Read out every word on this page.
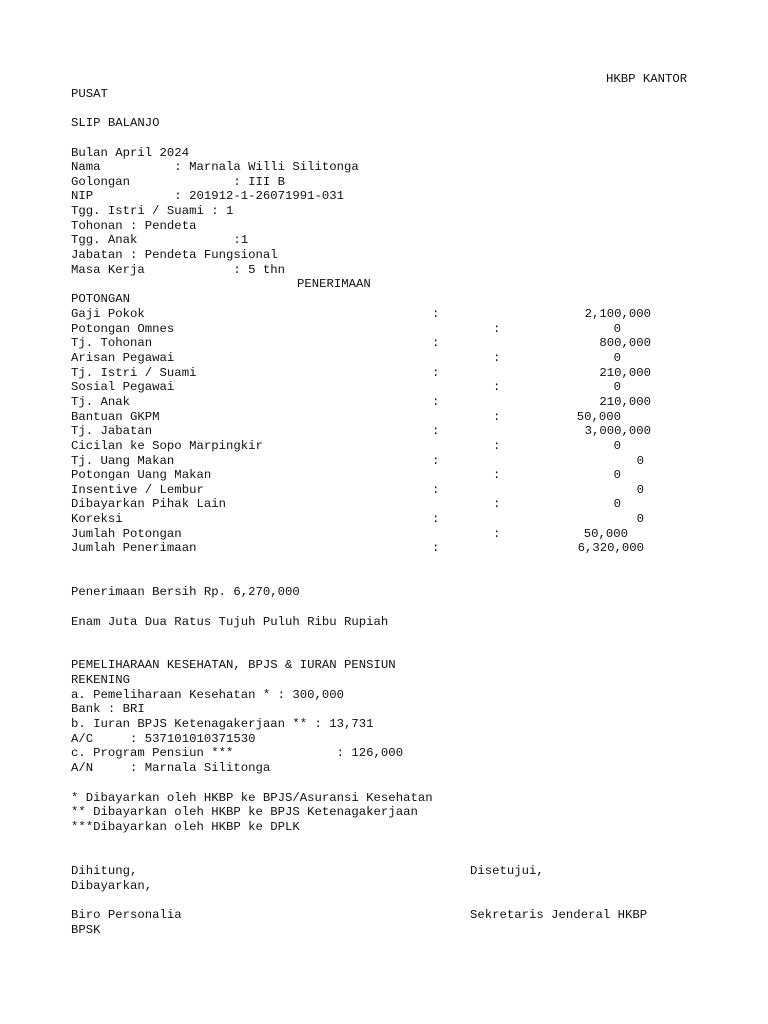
HKBP KANTOR
PUSAT
SLIP BALANJO
Bulan April 2024
Nama          : Marnala Willi Silitonga
Golongan              : III B
NIP           : 201912-1-26071991-031
Tgg. Istri / Suami : 1
Tohonan : Pendeta
Tgg. Anak             :1
Jabatan : Pendeta Fungsional
Masa Kerja            : 5 thn
PENERIMAAN
POTONGAN
Gaji Pokok	:	2,100,000
Potongan Omnes	:	0
Tj. Tohonan	:	800,000
Arisan Pegawai	:	0
Tj. Istri / Suami	:	210,000
Sosial Pegawai	:	0
Tj. Anak	:	210,000
Bantuan GKPM	:	50,000
Tj. Jabatan	:	3,000,000
Cicilan ke Sopo Marpingkir	:	0
Tj. Uang Makan	:	0
Potongan Uang Makan	:	0
Insentive / Lembur	:	0
Dibayarkan Pihak Lain	:	0
Koreksi	:	0
Jumlah Potongan	:	50,000
Jumlah Penerimaan	:	6,320,000
Penerimaan Bersih Rp. 6,270,000
Enam Juta Dua Ratus Tujuh Puluh Ribu Rupiah
PEMELIHARAAN KESEHATAN, BPJS & IURAN PENSIUN
REKENING
a. Pemeliharaan Kesehatan * : 300,000
Bank : BRI
b. Iuran BPJS Ketenagakerjaan ** : 13,731
A/C     : 537101010371530
c. Program Pensiun ***              : 126,000
A/N     : Marnala Silitonga
* Dibayarkan oleh HKBP ke BPJS/Asuransi Kesehatan
** Dibayarkan oleh HKBP ke BPJS Ketenagakerjaan
***Dibayarkan oleh HKBP ke DPLK
Dihitung,	Disetujui,
Dibayarkan,
Biro Personalia	Sekretaris Jenderal HKBP
BPSK
